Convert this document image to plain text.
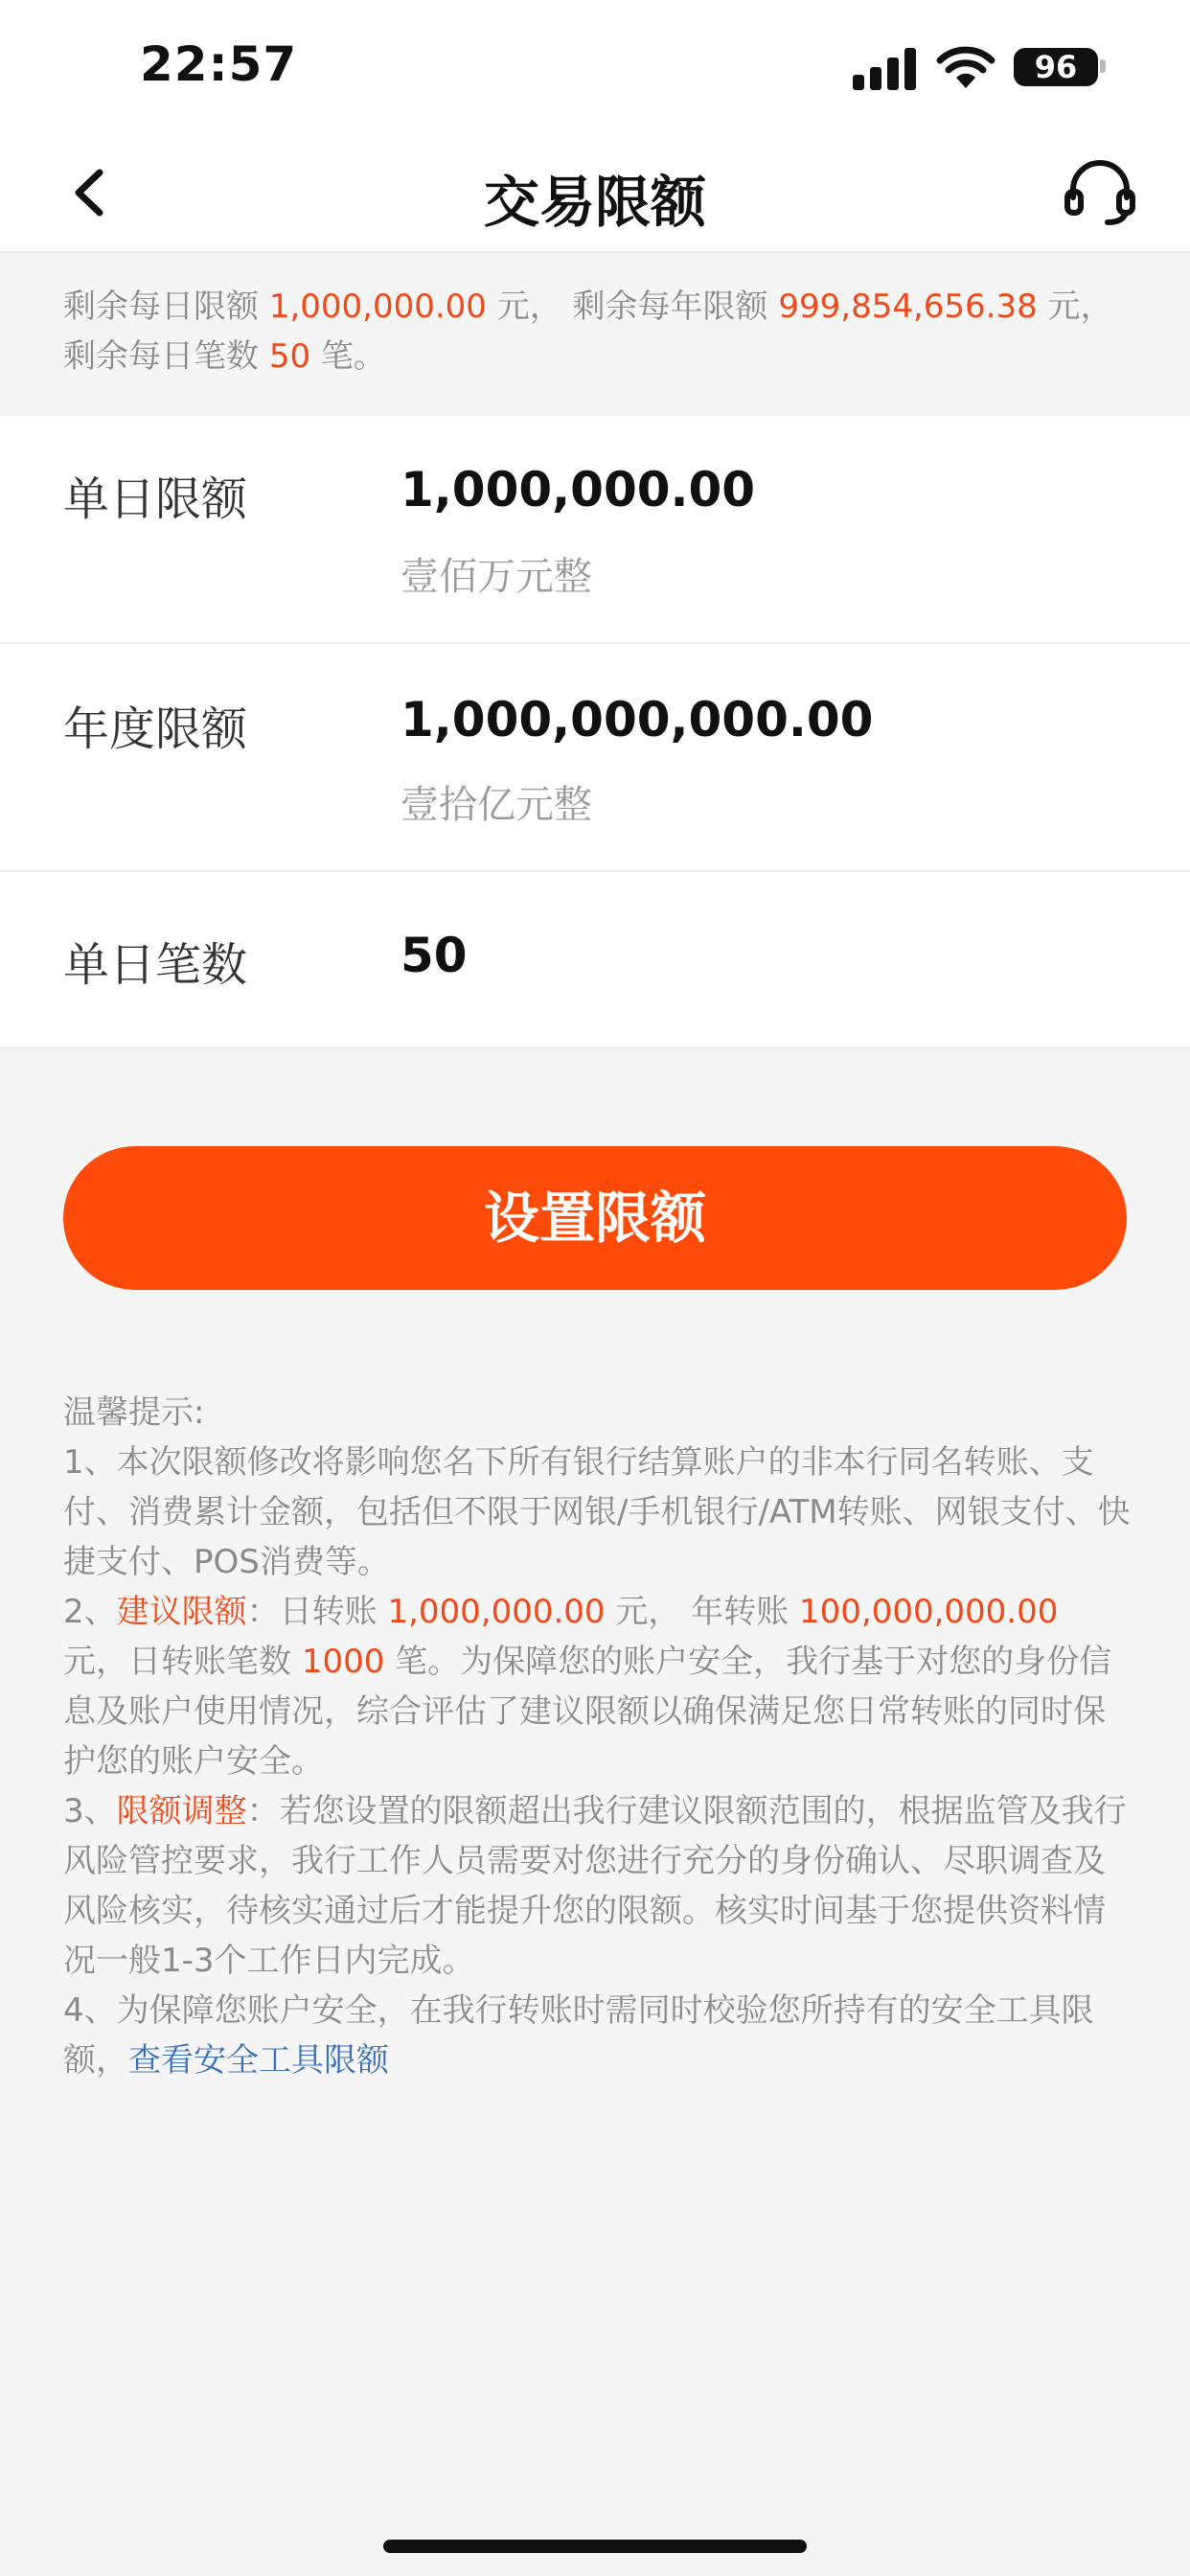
22:57	96
交易限额
剩余每日限额 1,000,000.00 元， 剩余每年限额 999,854,656.38 元， 剩余每日笔数 50 笔。
单日限额	1,000,000.00
壹佰万元整
年度限额	1,000,000,000.00
壹拾亿元整
单日笔数	50
设置限额

温馨提示:

1、本次限额修改将影响您名下所有银行结算账户的非本行同名转账、支付、消费累计金额，包括但不限于网银/手机银行/ATM转账、网银支付、快捷支付、POS消费等。

2、建议限额：日转账 1,000,000.00 元， 年转账 100,000,000.00 元，日转账笔数 1000 笔。为保障您的账户安全，我行基于对您的身份信息及账户使用情况，综合评估了建议限额以确保满足您日常转账的同时保护您的账户安全。

3、限额调整：若您设置的限额超出我行建议限额范围的，根据监管及我行风险管控要求，我行工作人员需要对您进行充分的身份确认、尽职调查及风险核实，待核实通过后才能提升您的限额。核实时间基于您提供资料情况一般1-3个工作日内完成。

4、为保障您账户安全，在我行转账时需同时校验您所持有的安全工具限额，查看安全工具限额
